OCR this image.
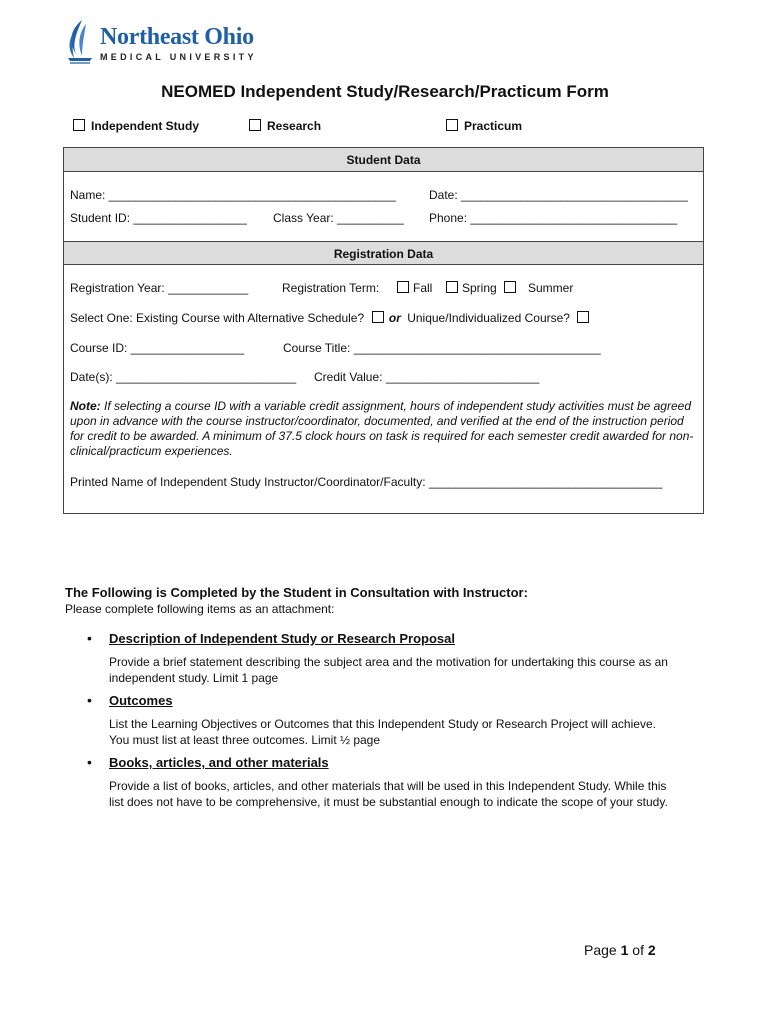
Northeast Ohio
MEDICAL UNIVERSITY
NEOMED Independent Study/Research/Practicum Form
Independent Study	Research	Practicum
Student Data
Name: ___________________________________________	Date: __________________________________
Student ID: _________________ Class Year: __________ Phone: _______________________________
Registration Data
Registration Year: ____________	Registration Term:	Fall	Spring	Summer
Select One: Existing Course with Alternative Schedule? or Unique/Individualized Course?
Course ID: _________________	Course Title: _____________________________________
Date(s): ___________________________ Credit Value: _______________________
Note: If selecting a course ID with a variable credit assignment, hours of independent study activities must be agreed upon in advance with the course instructor/coordinator, documented, and verified at the end of the instruction period for credit to be awarded. A minimum of 37.5 clock hours on task is required for each semester credit awarded for non-clinical/practicum experiences.
Printed Name of Independent Study Instructor/Coordinator/Faculty: ___________________________________
The Following is Completed by the Student in Consultation with Instructor:
Please complete following items as an attachment:
• Description of Independent Study or Research Proposal
Provide a brief statement describing the subject area and the motivation for undertaking this course as an independent study. Limit 1 page
• Outcomes
List the Learning Objectives or Outcomes that this Independent Study or Research Project will achieve. You must list at least three outcomes. Limit ½ page
• Books, articles, and other materials
Provide a list of books, articles, and other materials that will be used in this Independent Study. While this list does not have to be comprehensive, it must be substantial enough to indicate the scope of your study.
Page 1 of 2
